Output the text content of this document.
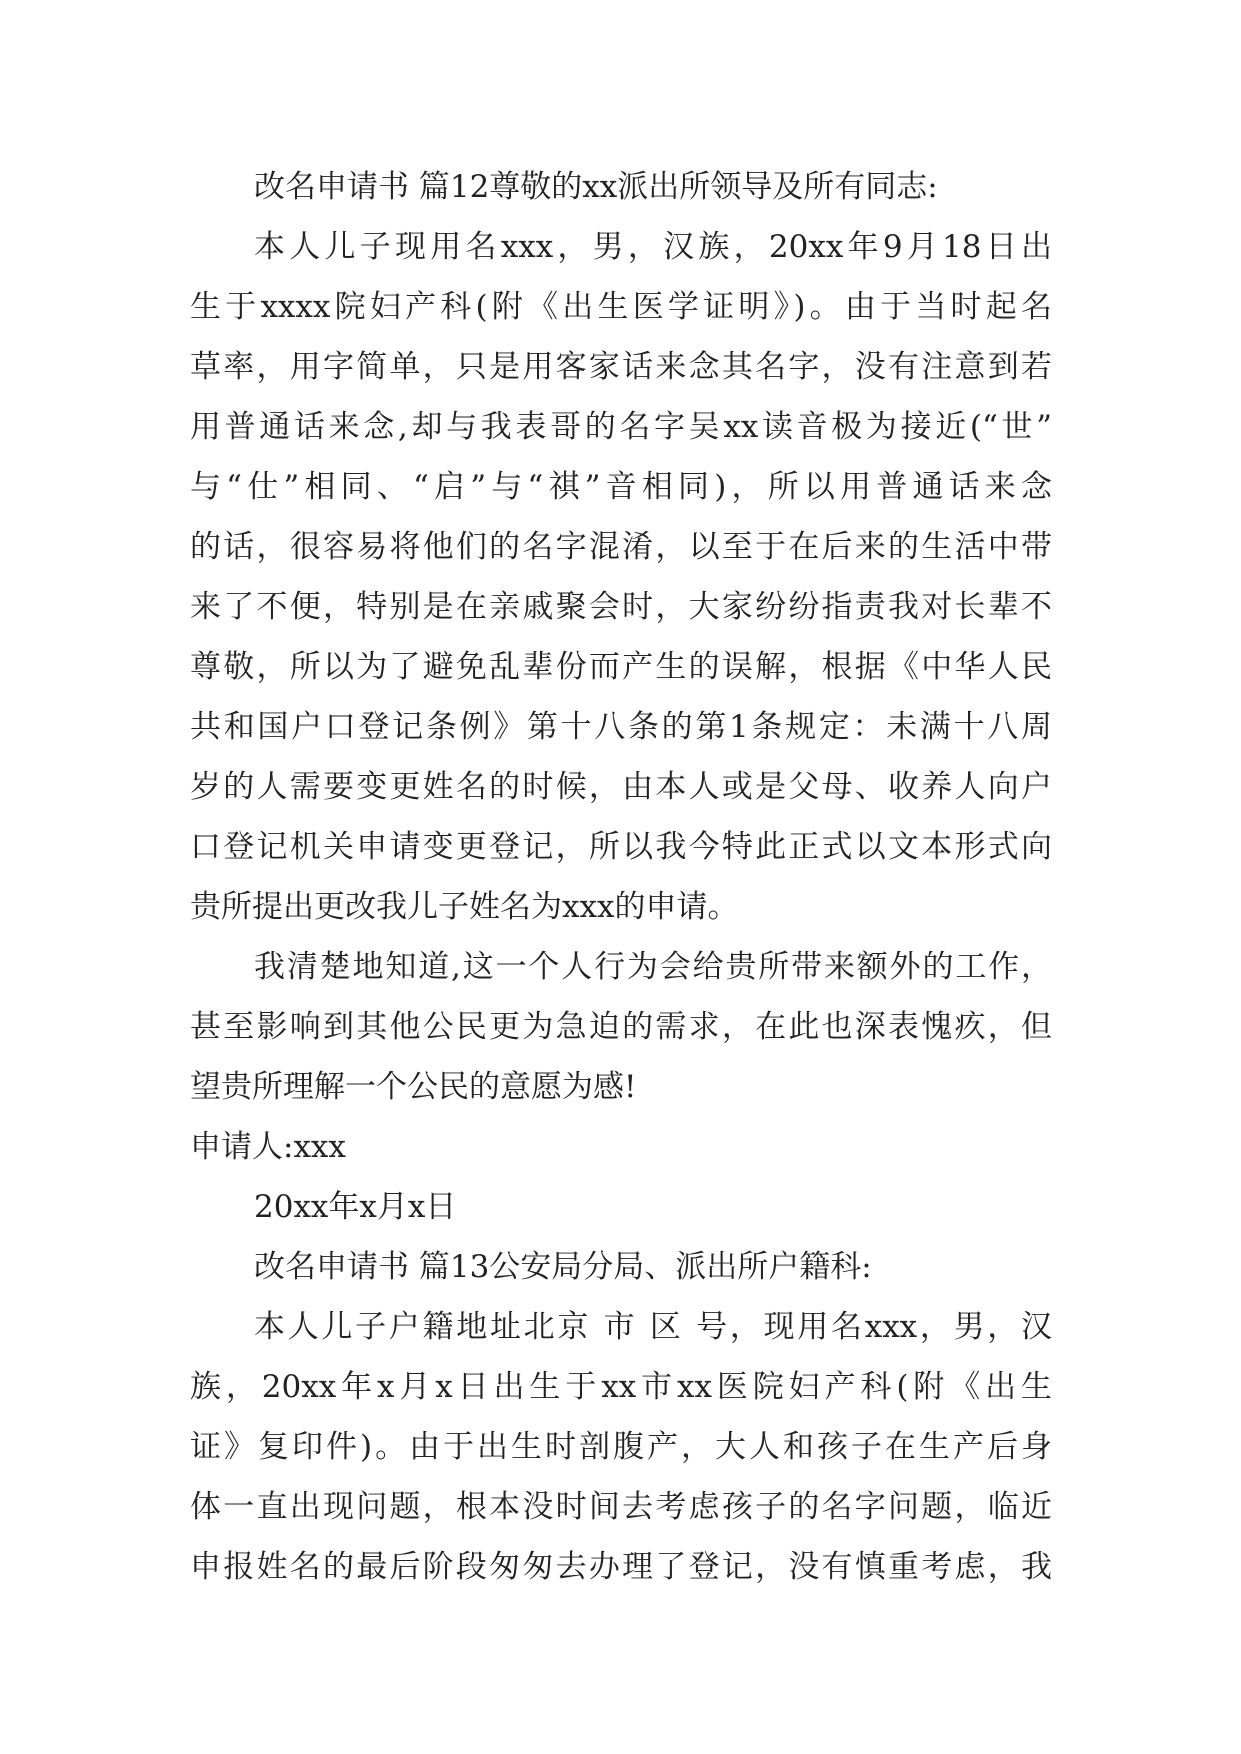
改名申请书 篇12尊敬的xx派出所领导及所有同志:

本人儿子现用名xxx，男，汉族，20xx年9月18日出

生于xxxx院妇产科(附《出生医学证明》)。由于当时起名

草率，用字简单，只是用客家话来念其名字，没有注意到若

用普通话来念,却与我表哥的名字吴xx读音极为接近(“世”

与“仕”相同、“启”与“祺”音相同)，所以用普通话来念

的话，很容易将他们的名字混淆，以至于在后来的生活中带

来了不便，特别是在亲戚聚会时，大家纷纷指责我对长辈不

尊敬，所以为了避免乱辈份而产生的误解，根据《中华人民

共和国户口登记条例》第十八条的第1条规定：未满十八周

岁的人需要变更姓名的时候，由本人或是父母、收养人向户

口登记机关申请变更登记，所以我今特此正式以文本形式向

贵所提出更改我儿子姓名为xxx的申请。

我清楚地知道,这一个人行为会给贵所带来额外的工作，

甚至影响到其他公民更为急迫的需求，在此也深表愧疚，但

望贵所理解一个公民的意愿为感!

申请人:xxx

20xx年x月x日

改名申请书 篇13公安局分局、派出所户籍科:

本人儿子户籍地址北京 市 区 号，现用名xxx，男，汉

族，20xx年x月x日出生于xx市xx医院妇产科(附《出生

证》复印件)。由于出生时剖腹产，大人和孩子在生产后身

体一直出现问题，根本没时间去考虑孩子的名字问题，临近

申报姓名的最后阶段匆匆去办理了登记，没有慎重考虑，我
